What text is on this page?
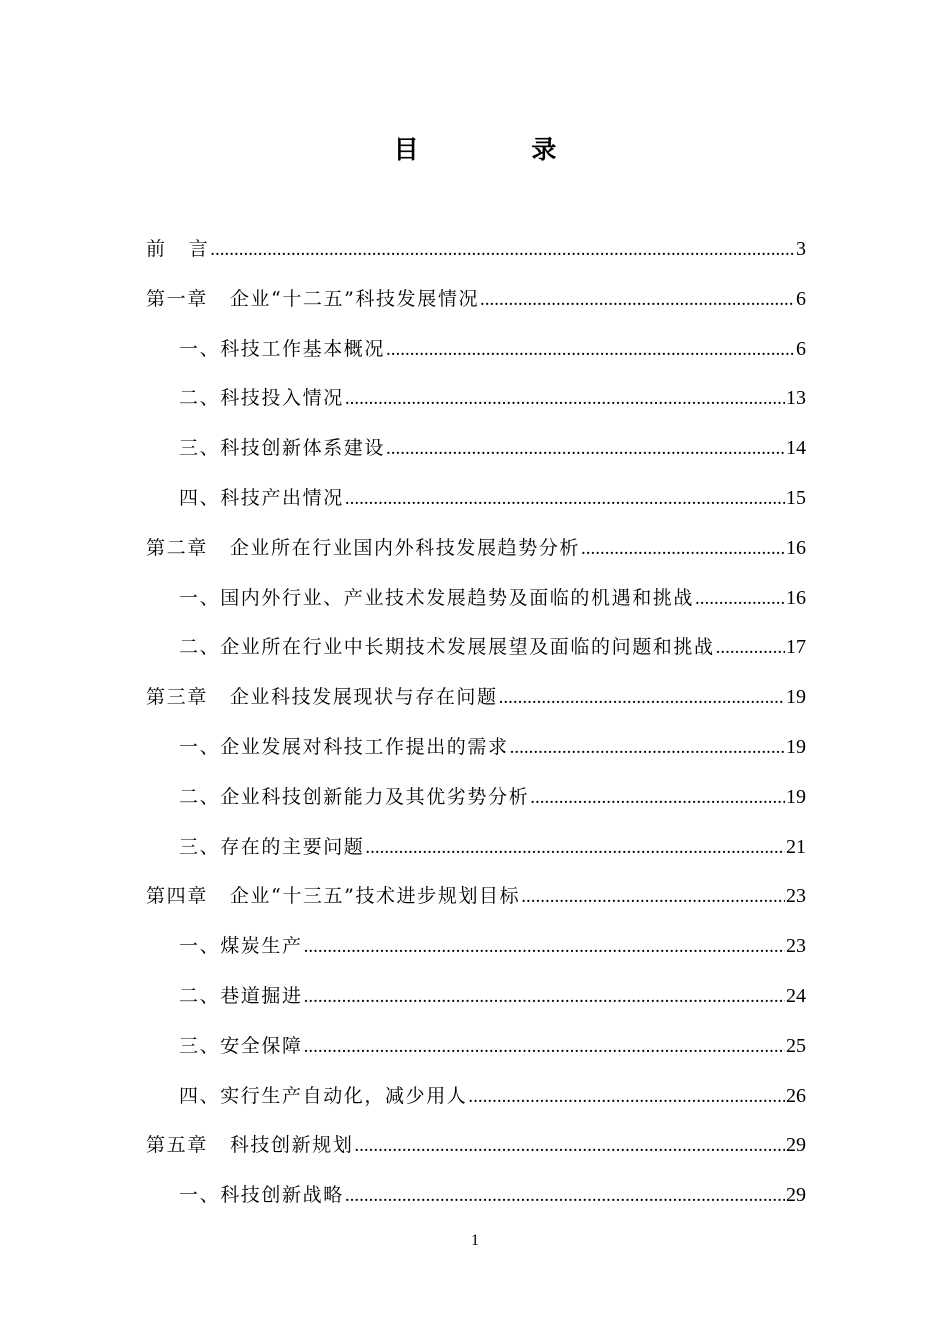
目 录
前 言 .....	3
第一章 企业“十二五”科技发展情况 .....	6
一、科技工作基本概况 .....	6
二、科技投入情况 .....	13
三、科技创新体系建设 .....	14
四、科技产出情况 .....	15
第二章 企业所在行业国内外科技发展趋势分析 .....	16
一、国内外行业、产业技术发展趋势及面临的机遇和挑战 .....	16
二、企业所在行业中长期技术发展展望及面临的问题和挑战 .....	17
第三章 企业科技发展现状与存在问题 .....	19
一、企业发展对科技工作提出的需求 .....	19
二、企业科技创新能力及其优劣势分析 .....	19
三、存在的主要问题 .....	21
第四章 企业“十三五”技术进步规划目标 .....	23
一、煤炭生产 .....	23
二、巷道掘进 .....	24
三、安全保障 .....	25
四、实行生产自动化，减少用人 .....	26
第五章 科技创新规划 .....	29
一、科技创新战略 .....	29
1
